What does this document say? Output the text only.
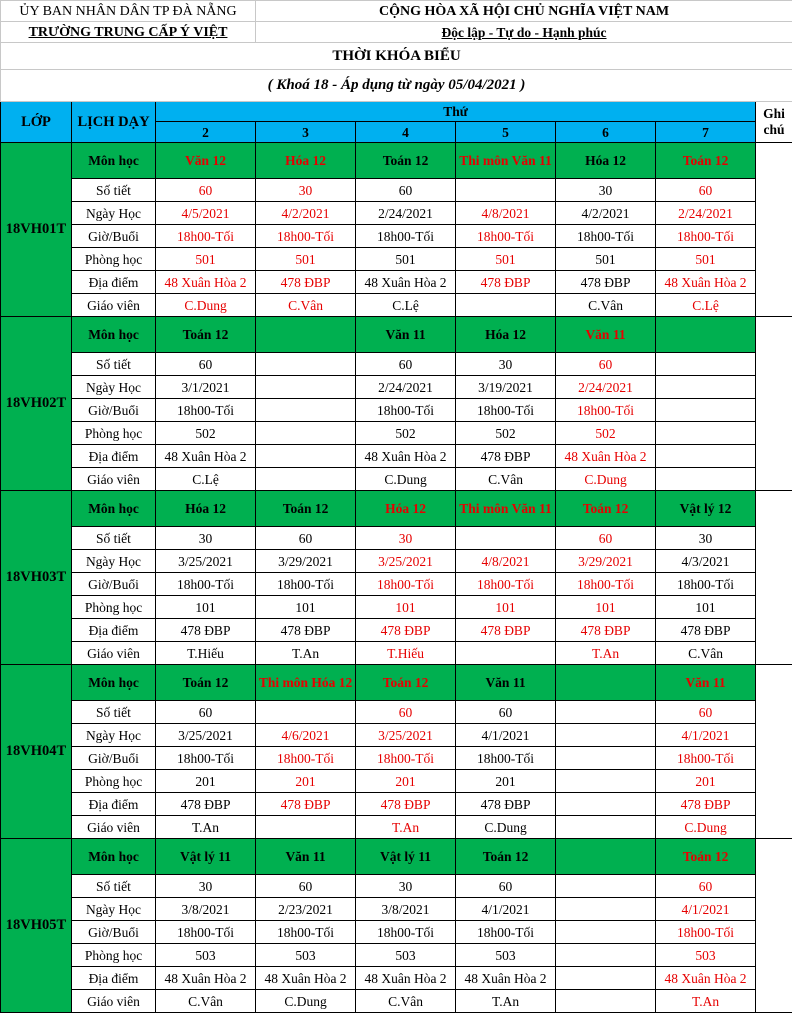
ỦY BAN NHÂN DÂN TP ĐÀ NẴNG			CỘNG HÒA XÃ HỘI CHỦ NGHĨA VIỆT NAM					
TRƯỜNG TRUNG CẤP Ý VIỆT			Độc lập - Tự do - Hạnh phúc					
THỜI KHÓA BIỂU								
( Khoá 18 - Áp dụng từ ngày 05/04/2021 )								
LỚP	LỊCH DẠY	Thứ						Ghi chú
		2	3	4	5	6	7	
18VH01T	Môn học	Văn 12	Hóa 12	Toán 12	Thi môn Văn 11	Hóa 12	Toán 12	
	Số tiết	60	30	60		30	60	
	Ngày Học	4/5/2021	4/2/2021	2/24/2021	4/8/2021	4/2/2021	2/24/2021	
	Giờ/Buổi	18h00-Tối	18h00-Tối	18h00-Tối	18h00-Tối	18h00-Tối	18h00-Tối	
	Phòng học	501	501	501	501	501	501	
	Địa điểm	48 Xuân Hòa 2	478 ĐBP	48 Xuân Hòa 2	478 ĐBP	478 ĐBP	48 Xuân Hòa 2	
	Giáo viên	C.Dung	C.Vân	C.Lệ		C.Vân	C.Lệ	
18VH02T	Môn học	Toán 12		Văn 11	Hóa 12	Văn 11		
	Số tiết	60		60	30	60		
	Ngày Học	3/1/2021		2/24/2021	3/19/2021	2/24/2021		
	Giờ/Buổi	18h00-Tối		18h00-Tối	18h00-Tối	18h00-Tối		
	Phòng học	502		502	502	502		
	Địa điểm	48 Xuân Hòa 2		48 Xuân Hòa 2	478 ĐBP	48 Xuân Hòa 2		
	Giáo viên	C.Lệ		C.Dung	C.Vân	C.Dung		
18VH03T	Môn học	Hóa 12	Toán 12	Hóa 12	Thi môn Văn 11	Toán 12	Vật lý 12	
	Số tiết	30	60	30		60	30	
	Ngày Học	3/25/2021	3/29/2021	3/25/2021	4/8/2021	3/29/2021	4/3/2021	
	Giờ/Buổi	18h00-Tối	18h00-Tối	18h00-Tối	18h00-Tối	18h00-Tối	18h00-Tối	
	Phòng học	101	101	101	101	101	101	
	Địa điểm	478 ĐBP	478 ĐBP	478 ĐBP	478 ĐBP	478 ĐBP	478 ĐBP	
	Giáo viên	T.Hiếu	T.An	T.Hiếu		T.An	C.Vân	
18VH04T	Môn học	Toán 12	Thi môn Hóa 12	Toán 12	Văn 11		Văn 11	
	Số tiết	60		60	60		60	
	Ngày Học	3/25/2021	4/6/2021	3/25/2021	4/1/2021		4/1/2021	
	Giờ/Buổi	18h00-Tối	18h00-Tối	18h00-Tối	18h00-Tối		18h00-Tối	
	Phòng học	201	201	201	201		201	
	Địa điểm	478 ĐBP	478 ĐBP	478 ĐBP	478 ĐBP		478 ĐBP	
	Giáo viên	T.An		T.An	C.Dung		C.Dung	
18VH05T	Môn học	Vật lý 11	Văn 11	Vật lý 11	Toán 12		Toán 12	
	Số tiết	30	60	30	60		60	
	Ngày Học	3/8/2021	2/23/2021	3/8/2021	4/1/2021		4/1/2021	
	Giờ/Buổi	18h00-Tối	18h00-Tối	18h00-Tối	18h00-Tối		18h00-Tối	
	Phòng học	503	503	503	503		503	
	Địa điểm	48 Xuân Hòa 2	48 Xuân Hòa 2	48 Xuân Hòa 2	48 Xuân Hòa 2		48 Xuân Hòa 2	
	Giáo viên	C.Vân	C.Dung	C.Vân	T.An		T.An	
